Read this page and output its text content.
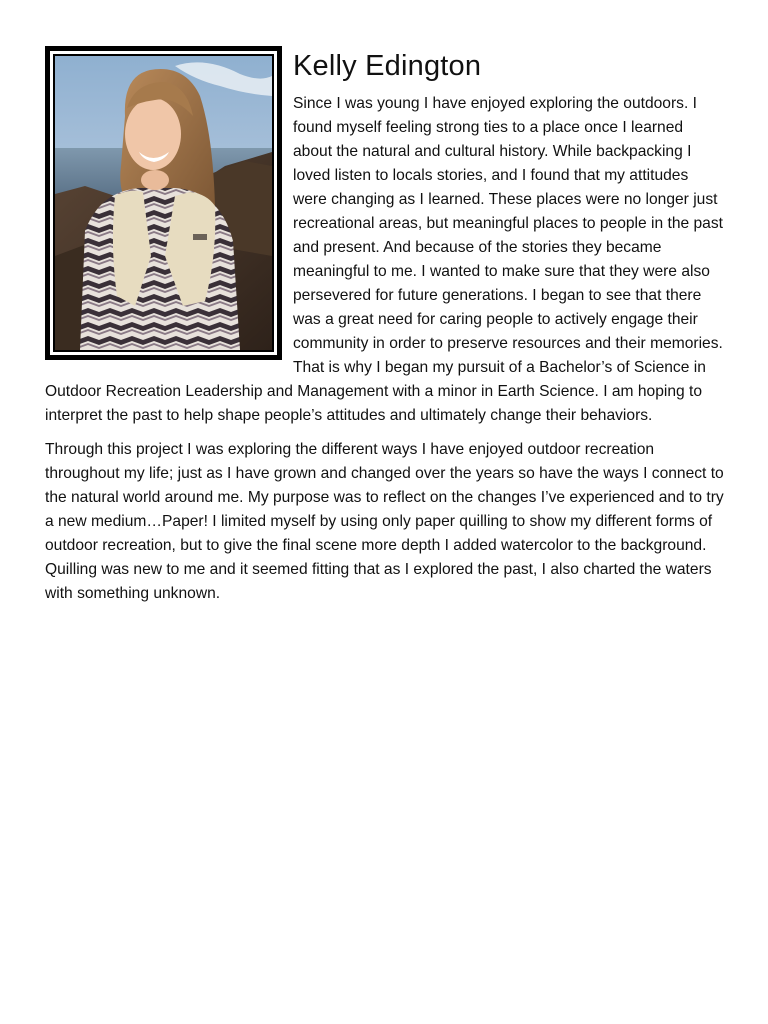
Kelly Edington

Since I was young I have enjoyed exploring the outdoors. I found myself feeling strong ties to a place once I learned about the natural and cultural history. While backpacking I loved listen to locals stories, and I found that my attitudes were changing as I learned. These places were no longer just recreational areas, but meaningful places to people in the past and present. And because of the stories they became meaningful to me. I wanted to make sure that they were also persevered for future generations. I began to see that there was a great need for caring people to actively engage their community in order to preserve resources and their memories. That is why I began my pursuit of a Bachelor’s of Science in Outdoor Recreation Leadership and Management with a minor in Earth Science. I am hoping to interpret the past to help shape people’s attitudes and ultimately change their behaviors.

Through this project I was exploring the different ways I have enjoyed outdoor recreation throughout my life; just as I have grown and changed over the years so have the ways I connect to the natural world around me. My purpose was to reflect on the changes I’ve experienced and to try a new medium…Paper! I limited myself by using only paper quilling to show my different forms of outdoor recreation, but to give the final scene more depth I added watercolor to the background. Quilling was new to me and it seemed fitting that as I explored the past, I also charted the waters with something unknown.
